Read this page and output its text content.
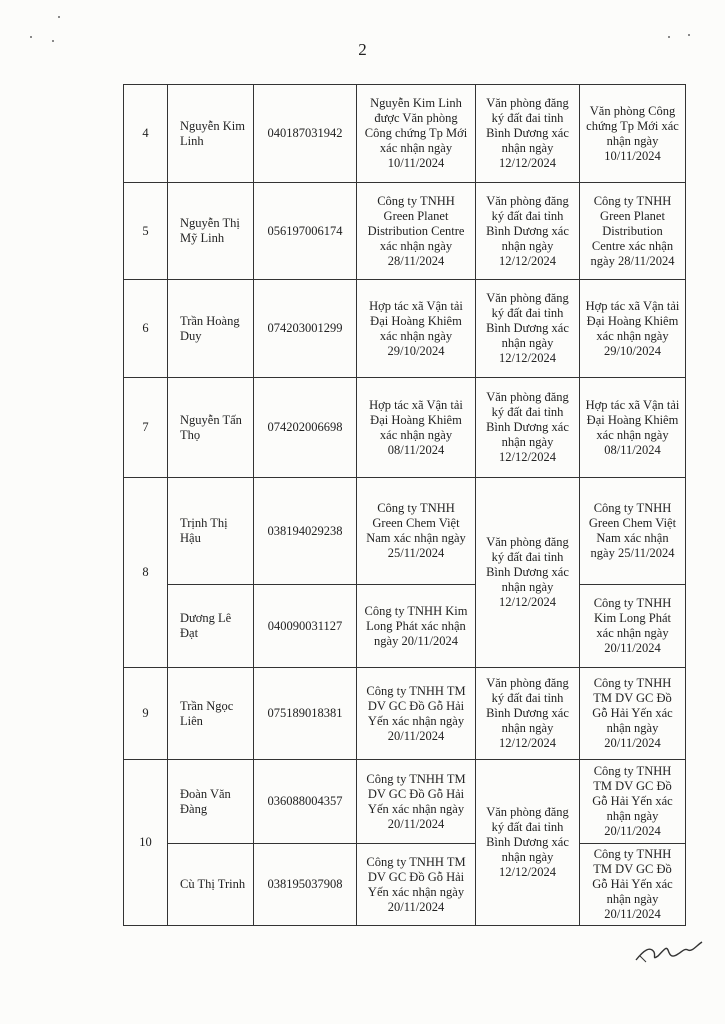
2
4	Nguyễn Kim Linh	040187031942	Nguyễn Kim Linh được Văn phòng Công chứng Tp Mới xác nhận ngày 10/11/2024	Văn phòng đăng ký đất đai tỉnh Bình Dương xác nhận ngày 12/12/2024	Văn phòng Công chứng Tp Mới xác nhận ngày 10/11/2024
5	Nguyễn Thị Mỹ Linh	056197006174	Công ty TNHH Green Planet Distribution Centre xác nhận ngày 28/11/2024	Văn phòng đăng ký đất đai tỉnh Bình Dương xác nhận ngày 12/12/2024	Công ty TNHH Green Planet Distribution Centre xác nhận ngày 28/11/2024
6	Trần Hoàng Duy	074203001299	Hợp tác xã Vận tải Đại Hoàng Khiêm xác nhận ngày 29/10/2024	Văn phòng đăng ký đất đai tỉnh Bình Dương xác nhận ngày 12/12/2024	Hợp tác xã Vận tải Đại Hoàng Khiêm xác nhận ngày 29/10/2024
7	Nguyễn Tấn Thọ	074202006698	Hợp tác xã Vận tải Đại Hoàng Khiêm xác nhận ngày 08/11/2024	Văn phòng đăng ký đất đai tỉnh Bình Dương xác nhận ngày 12/12/2024	Hợp tác xã Vận tải Đại Hoàng Khiêm xác nhận ngày 08/11/2024
8	Trịnh Thị Hậu	038194029238	Công ty TNHH Green Chem Việt Nam xác nhận ngày 25/11/2024	Văn phòng đăng ký đất đai tỉnh Bình Dương xác nhận ngày 12/12/2024	Công ty TNHH Green Chem Việt Nam xác nhận ngày 25/11/2024
	Dương Lê Đạt	040090031127	Công ty TNHH Kim Long Phát xác nhận ngày 20/11/2024		Công ty TNHH Kim Long Phát xác nhận ngày 20/11/2024
9	Trần Ngọc Liên	075189018381	Công ty TNHH TM DV GC Đồ Gỗ Hải Yến xác nhận ngày 20/11/2024	Văn phòng đăng ký đất đai tỉnh Bình Dương xác nhận ngày 12/12/2024	Công ty TNHH TM DV GC Đồ Gỗ Hải Yến xác nhận ngày 20/11/2024
10	Đoàn Văn Đàng	036088004357	Công ty TNHH TM DV GC Đồ Gỗ Hải Yến xác nhận ngày 20/11/2024	Văn phòng đăng ký đất đai tỉnh Bình Dương xác nhận ngày 12/12/2024	Công ty TNHH TM DV GC Đồ Gỗ Hải Yến xác nhận ngày 20/11/2024
	Cù Thị Trinh	038195037908	Công ty TNHH TM DV GC Đồ Gỗ Hải Yến xác nhận ngày 20/11/2024		Công ty TNHH TM DV GC Đồ Gỗ Hải Yến xác nhận ngày 20/11/2024
